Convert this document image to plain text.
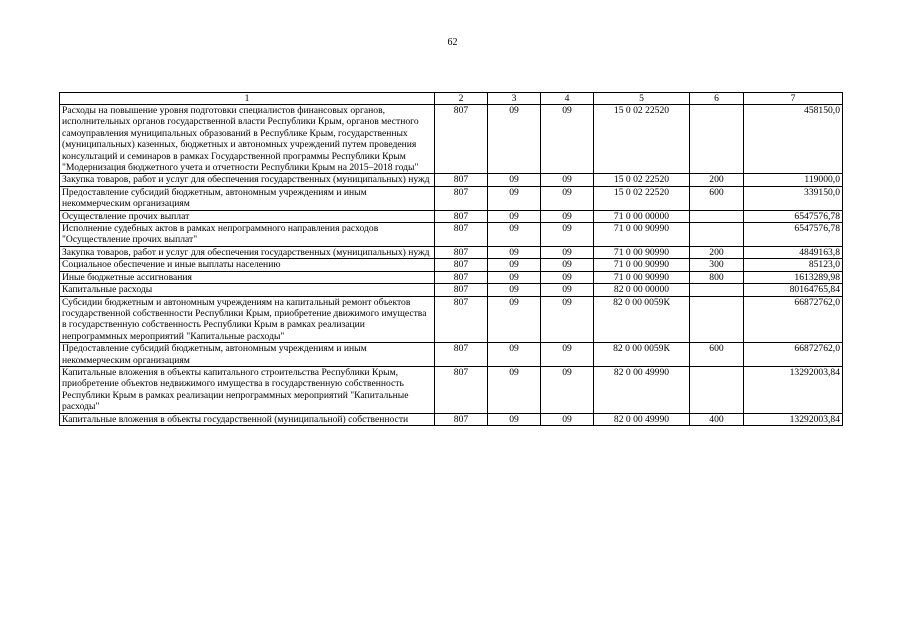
62
1	2	3	4	5	6	7
Расходы на повышение уровня подготовки специалистов финансовых органов, исполнительных органов государственной власти Республики Крым, органов местного самоуправления муниципальных образований в Республике Крым, государственных (муниципальных) казенных, бюджетных и автономных учреждений путем проведения консультаций и семинаров в рамках Государственной программы Республики Крым "Модернизация бюджетного учета и отчетности Республики Крым на 2015–2018 годы"	807	09	09	15 0 02 22520		458150,0
Закупка товаров, работ и услуг для обеспечения государственных (муниципальных) нужд	807	09	09	15 0 02 22520	200	119000,0
Предоставление субсидий бюджетным, автономным учреждениям и иным некоммерческим организациям	807	09	09	15 0 02 22520	600	339150,0
Осуществление прочих выплат	807	09	09	71 0 00 00000		6547576,78
Исполнение судебных актов в рамках непрограммного направления расходов "Осуществление прочих выплат"	807	09	09	71 0 00 90990		6547576,78
Закупка товаров, работ и услуг для обеспечения государственных (муниципальных) нужд	807	09	09	71 0 00 90990	200	4849163,8
Социальное обеспечение и иные выплаты населению	807	09	09	71 0 00 90990	300	85123,0
Иные бюджетные ассигнования	807	09	09	71 0 00 90990	800	1613289,98
Капитальные расходы	807	09	09	82 0 00 00000		80164765,84
Субсидии бюджетным и автономным учреждениям на капитальный ремонт объектов государственной собственности Республики Крым, приобретение движимого имущества в государственную собственность Республики Крым в рамках реализации непрограммных мероприятий "Капитальные расходы"	807	09	09	82 0 00 0059К		66872762,0
Предоставление субсидий бюджетным, автономным учреждениям и иным некоммерческим организациям	807	09	09	82 0 00 0059К	600	66872762,0
Капитальные вложения в объекты капитального строительства Республики Крым, приобретение объектов недвижимого имущества в государственную собственность Республики Крым в рамках реализации непрограммных мероприятий "Капитальные расходы"	807	09	09	82 0 00 49990		13292003,84
Капитальные вложения в объекты государственной (муниципальной) собственности	807	09	09	82 0 00 49990	400	13292003,84
